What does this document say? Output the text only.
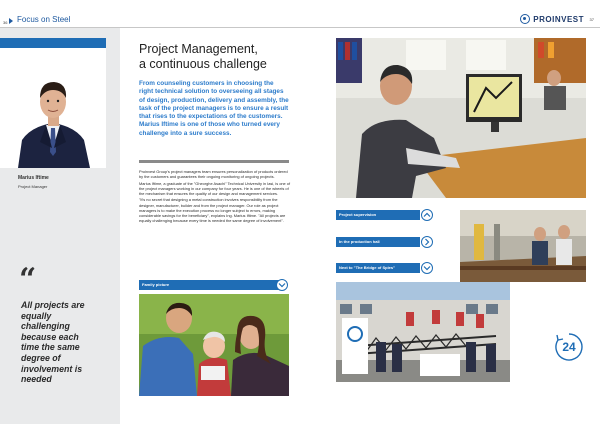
Focus on Steel
36	PROINVEST 37
Marius Iftime
Project Manager
“
All projects are equally challenging because each time the same degree of involvement is needed
Project Management,
a continuous challenge
From counseling customers in choosing the right technical solution to overseeing all stages of design, production, delivery and assembly, the task of the project managers is to ensure a result that rises to the expectations of the customers. Marius Iftime is one of those who turned every challenge into a sure success.

Proinvest Group's project managers team ensures personalization of products ordered by the customers and guarantees their ongoing monitoring of ongoing projects.

Marius Iftime, a graduate of the "Gheorghe Asachi" Technical University in Iasi, is one of the project managers working in our company for four years. He is one of the wheels of the mechanism that ensures the quality of our design and management services.

"It's no secret that designing a metal construction involves responsibility from the designer, manufacturer, builder and from the project manager. Our role as project managers is to make the execution process no longer subject to errors, making considerable savings for the beneficiary", explains Ing. Marius Iftime. "All projects are equally challenging because every time is needed the same degree of involvement".

Family picture
Project supervision
In the production hall
Next to "The Bridge of Spies"
24
